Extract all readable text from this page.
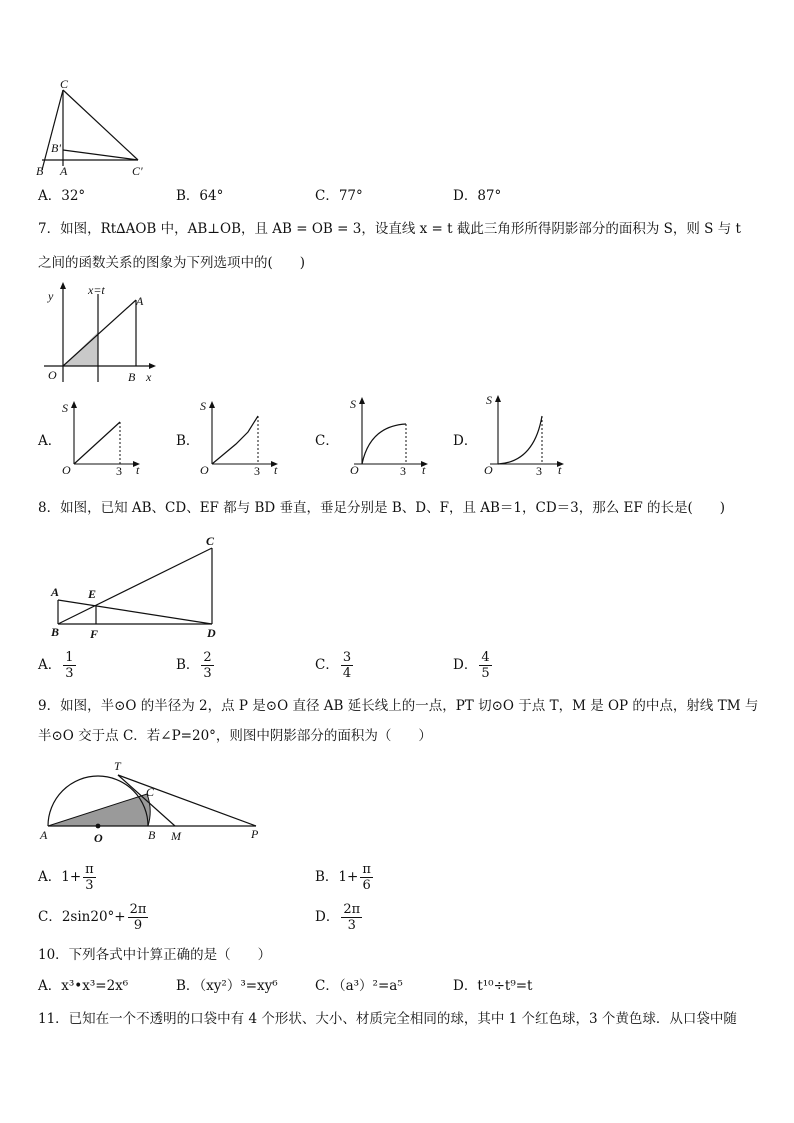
C
B'
B A	C'
A．32°	B．64°	C．77°	D．87°
7．如图，Rt∆AOB 中，AB⊥OB，且 AB = OB = 3，设直线 x = t 截此三角形所得阴影部分的面积为 S，则 S 与 t
之间的函数关系的图象为下列选项中的(　　)
y	x=t
A
O	B x
A．
S
O	3 t
B．
S
O	3 t
C．
S
O	3 t
D．
S
O	3 t
8．如图，已知 AB、CD、EF 都与 BD 垂直，垂足分别是 B、D、F，且 AB＝1，CD＝3，那么 EF 的长是(　　)
C
A E
B	F	D
A． $\frac{1}{3}$	B． $\frac{2}{3}$	C． $\frac{3}{4}$	D． $\frac{4}{5}$
9．如图，半⊙O 的半径为 2，点 P 是⊙O 直径 AB 延长线上的一点，PT 切⊙O 于点 T，M 是 OP 的中点，射线 TM 与
半⊙O 交于点 C．若∠P=20°，则图中阴影部分的面积为（　　）
T
C
A	O	B M	P
A．$1+ \frac{\pi}{3}$	B．$1+ \frac{\pi}{6}$
C．$2\sin 20^\circ+ \frac{2\pi}{9}$	D． $\frac{2\pi}{3}$
10．下列各式中计算正确的是（　　）
A．x³•x³=2x⁶	B．（xy²）³=xy⁶	C．（a³）²=a⁵	D．t¹⁰÷t⁹=t
11．已知在一个不透明的口袋中有 4 个形状、大小、材质完全相同的球，其中 1 个红色球，3 个黄色球．从口袋中随
